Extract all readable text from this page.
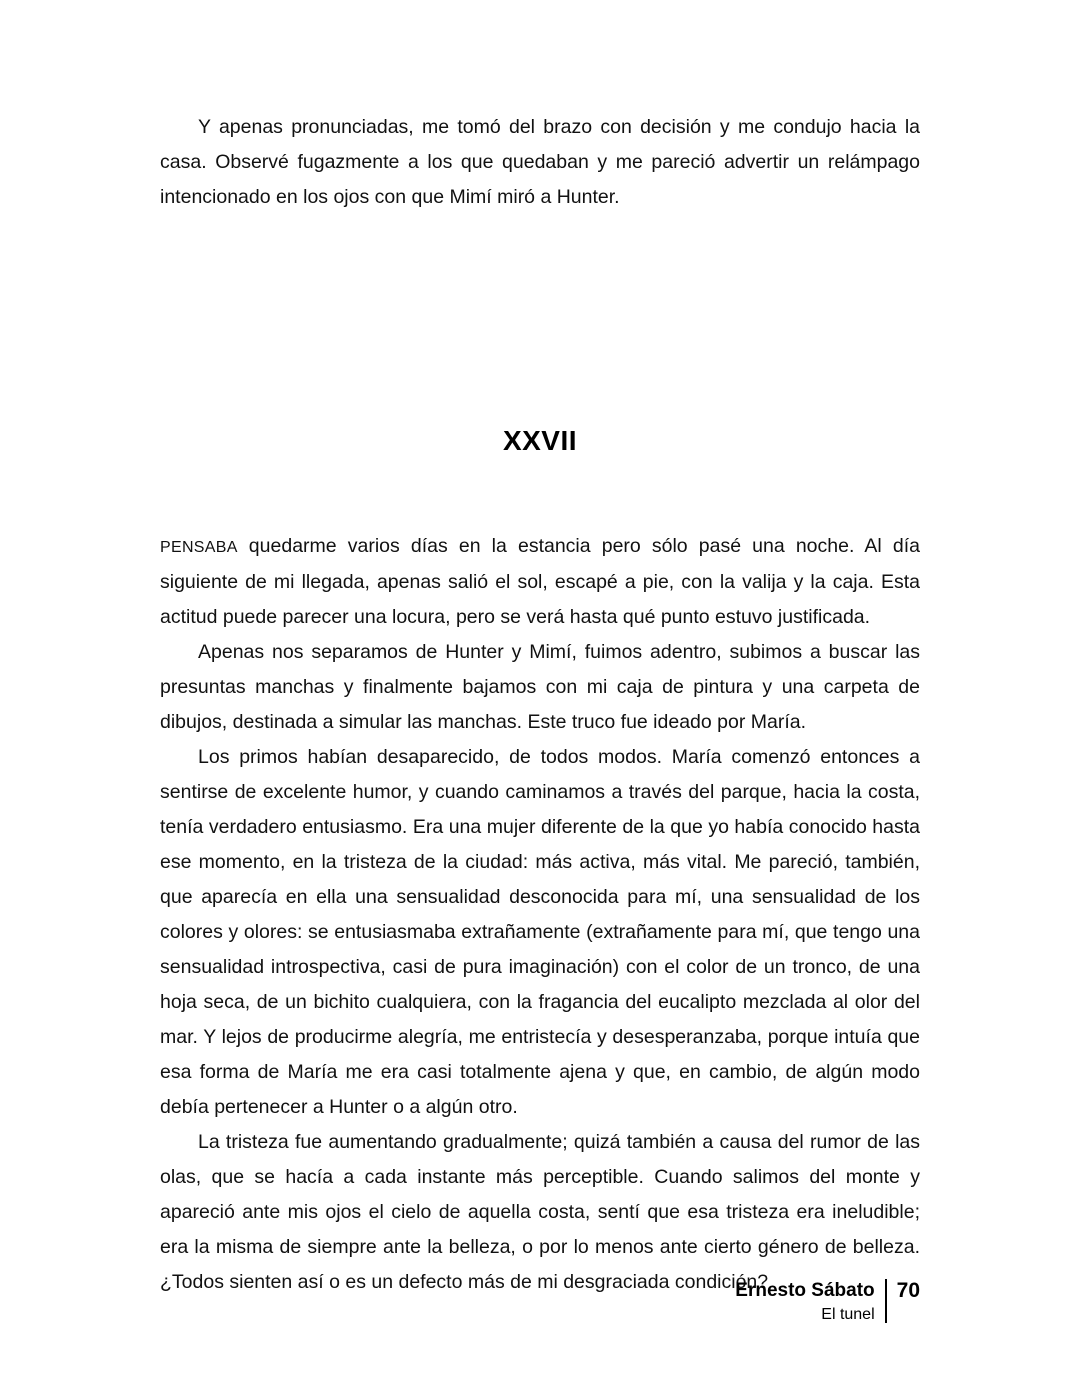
Y apenas pronunciadas, me tomó del brazo con decisión y me condujo hacia la casa. Observé fugazmente a los que quedaban y me pareció advertir un relámpago intencionado en los ojos con que Mimí miró a Hunter.

XXVII

PENSABA quedarme varios días en la estancia pero sólo pasé una noche. Al día siguiente de mi llegada, apenas salió el sol, escapé a pie, con la valija y la caja. Esta actitud puede parecer una locura, pero se verá hasta qué punto estuvo justificada.

Apenas nos separamos de Hunter y Mimí, fuimos adentro, subimos a buscar las presuntas manchas y finalmente bajamos con mi caja de pintura y una carpeta de dibujos, destinada a simular las manchas. Este truco fue ideado por María.

Los primos habían desaparecido, de todos modos. María comenzó entonces a sentirse de excelente humor, y cuando caminamos a través del parque, hacia la costa, tenía verdadero entusiasmo. Era una mujer diferente de la que yo había conocido hasta ese momento, en la tristeza de la ciudad: más activa, más vital. Me pareció, también, que aparecía en ella una sensualidad desconocida para mí, una sensualidad de los colores y olores: se entusiasmaba extrañamente (extrañamente para mí, que tengo una sensualidad introspectiva, casi de pura imaginación) con el color de un tronco, de una hoja seca, de un bichito cualquiera, con la fragancia del eucalipto mezclada al olor del mar. Y lejos de producirme alegría, me entristecía y desesperanzaba, porque intuía que esa forma de María me era casi totalmente ajena y que, en cambio, de algún modo debía pertenecer a Hunter o a algún otro.

La tristeza fue aumentando gradualmente; quizá también a causa del rumor de las olas, que se hacía a cada instante más perceptible. Cuando salimos del monte y apareció ante mis ojos el cielo de aquella costa, sentí que esa tristeza era ineludible; era la misma de siempre ante la belleza, o por lo menos ante cierto género de belleza. ¿Todos sienten así o es un defecto más de mi desgraciada condición?

Ernesto Sábato
El tunel
70
